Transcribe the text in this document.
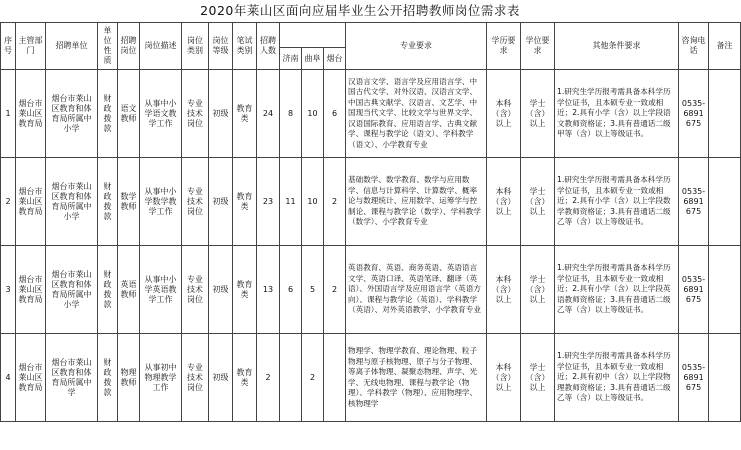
2020年莱山区面向应届毕业生公开招聘教师岗位需求表
序号	主管部门	招聘单位	单位性质	招聘岗位	岗位描述	岗位类别	岗位等级	笔试类别	招聘人数				专业要求	学历要求	学位要求	其他条件要求	咨询电话	备注
										济南	曲阜	烟台						
1	烟台市莱山区教育局	烟台市莱山区教育和体育局所属中小学	财政拨款	语文教师	从事中小学语文教学工作	专业技术岗位	初级	教育类	24	8	10	6	汉语言文学、语言学及应用语言学、中国古代文学、对外汉语、汉语言文学、中国古典文献学、汉语言、文艺学、中国现当代文学、比较文学与世界文学、汉语国际教育、应用语言学、古典文献学、课程与教学论（语文）、学科教学（语文）、小学教育专业	本科（含）以上	学士（含）以上	1.研究生学历报考需具备本科学历学位证书，且本硕专业一致或相近；2.具有小学（含）以上学段语文教师资格证；3.具有普通话二级甲等（含）以上等级证书。	0535-6891675	
2	烟台市莱山区教育局	烟台市莱山区教育和体育局所属中小学	财政拨款	数学教师	从事中小学数学教学工作	专业技术岗位	初级	教育类	23	11	10	2	基础数学、数学教育、数学与应用数学、信息与计算科学、计算数学、概率论与数理统计、应用数学、运筹学与控制论、课程与教学论（数学）、学科教学（数学）、小学教育专业	本科（含）以上	学士（含）以上	1.研究生学历报考需具备本科学历学位证书，且本硕专业一致或相近；2.具有小学（含）以上学段数学教师资格证；3.具有普通话二级乙等（含）以上等级证书。	0535-6891675	
3	烟台市莱山区教育局	烟台市莱山区教育和体育局所属中小学	财政拨款	英语教师	从事中小学英语教学工作	专业技术岗位	初级	教育类	13	6	5	2	英语教育、英语、商务英语、英语语言文学、英语口译、英语笔译、翻译（英语）、外国语言学及应用语言学（英语方向）、课程与教学论（英语）、学科教学（英语）、对外英语教学、小学教育专业	本科（含）以上	学士（含）以上	1.研究生学历报考需具备本科学历学位证书，且本硕专业一致或相近；2.具有小学（含）以上学段英语教师资格证；3.具有普通话二级乙等（含）以上等级证书。	0535-6891675	
4	烟台市莱山区教育局	烟台市莱山区教育和体育局所属中学	财政拨款	物理教师	从事初中物理教学工作	专业技术岗位	初级	教育类	2		2		物理学、物理学教育、理论物理、粒子物理与原子核物理、原子与分子物理、等离子体物理、凝聚态物理、声学、光学、无线电物理、课程与教学论（物理）、学科教学（物理）、应用物理学、核物理学	本科（含）以上	学士（含）以上	1.研究生学历报考需具备本科学历学位证书，且本硕专业一致或相近；2.具有初中（含）以上学段物理教师资格证；3.具有普通话二级乙等（含）以上等级证书。	0535-6891675	
